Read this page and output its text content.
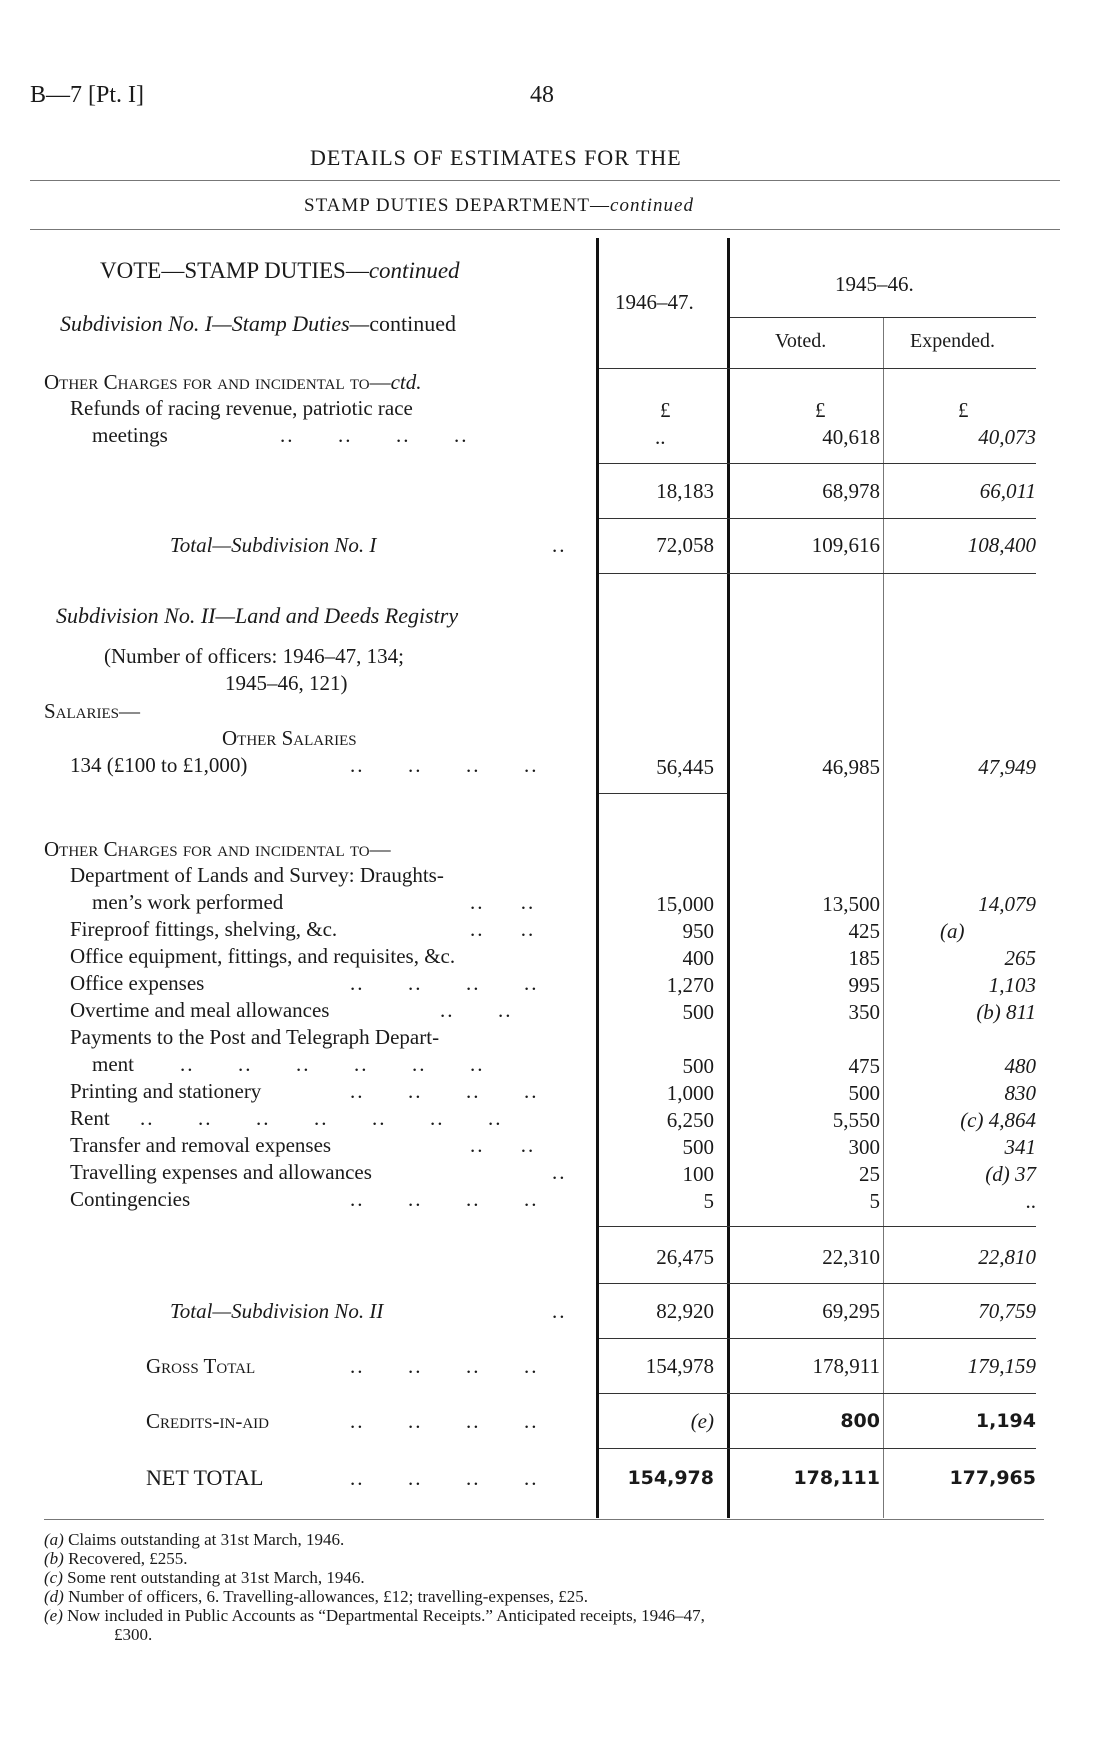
B—7 [Pt. I]	48
DETAILS OF ESTIMATES FOR THE
STAMP DUTIES DEPARTMENT—continued
VOTE—STAMP DUTIES—continued
Subdivision No. I—Stamp Duties—continued
1946–47.
1945–46.
Voted.	Expended.
Other Charges for and incidental to—ctd.
Refunds of racing revenue, patriotic race
meetings	..      ..      ..      ..
£	£	£
..	40,618	40,073
18,183	68,978	66,011
Total—Subdivision No. I	..	72,058	109,616	108,400
Subdivision No. II—Land and Deeds Registry
(Number of officers: 1946–47, 134;
1945–46, 121)
Salaries—
Other Salaries
134 (£100 to £1,000)	..      ..      ..      ..	56,445	46,985	47,949
Other Charges for and incidental to—
Department of Lands and Survey: Draughts-
men’s work performed	..     ..	15,000	13,500	14,079
Fireproof fittings, shelving, &c.	..     ..	950	425	(a)
Office equipment, fittings, and requisites, &c.	400	185	265
Office expenses	..      ..      ..      ..	1,270	995	1,103
Overtime and meal allowances	..      ..	500	350	(b) 811
Payments to the Post and Telegraph Depart-
ment ..      ..      ..      ..      ..      ..	500	475	480
Printing and stationery	..      ..      ..      ..	1,000	500	830
Rent ..      ..      ..      ..      ..      ..      ..	6,250	5,550	(c) 4,864
Transfer and removal expenses	..     ..	500	300	341
Travelling expenses and allowances	..	100	25	(d) 37
Contingencies	..      ..      ..      ..	5	5	..
26,475	22,310	22,810
Total—Subdivision No. II	..	82,920	69,295	70,759
Gross Total	..      ..      ..      ..	154,978	178,911	179,159
Credits-in-aid	..      ..      ..      ..	(e)	800	1,194
NET TOTAL	..      ..      ..      ..	154,978	178,111	177,965
(a) Claims outstanding at 31st March, 1946.
(b) Recovered, £255.
(c) Some rent outstanding at 31st March, 1946.
(d) Number of officers, 6. Travelling-allowances, £12; travelling-expenses, £25.
(e) Now included in Public Accounts as “Departmental Receipts.” Anticipated receipts, 1946–47,
£300.
